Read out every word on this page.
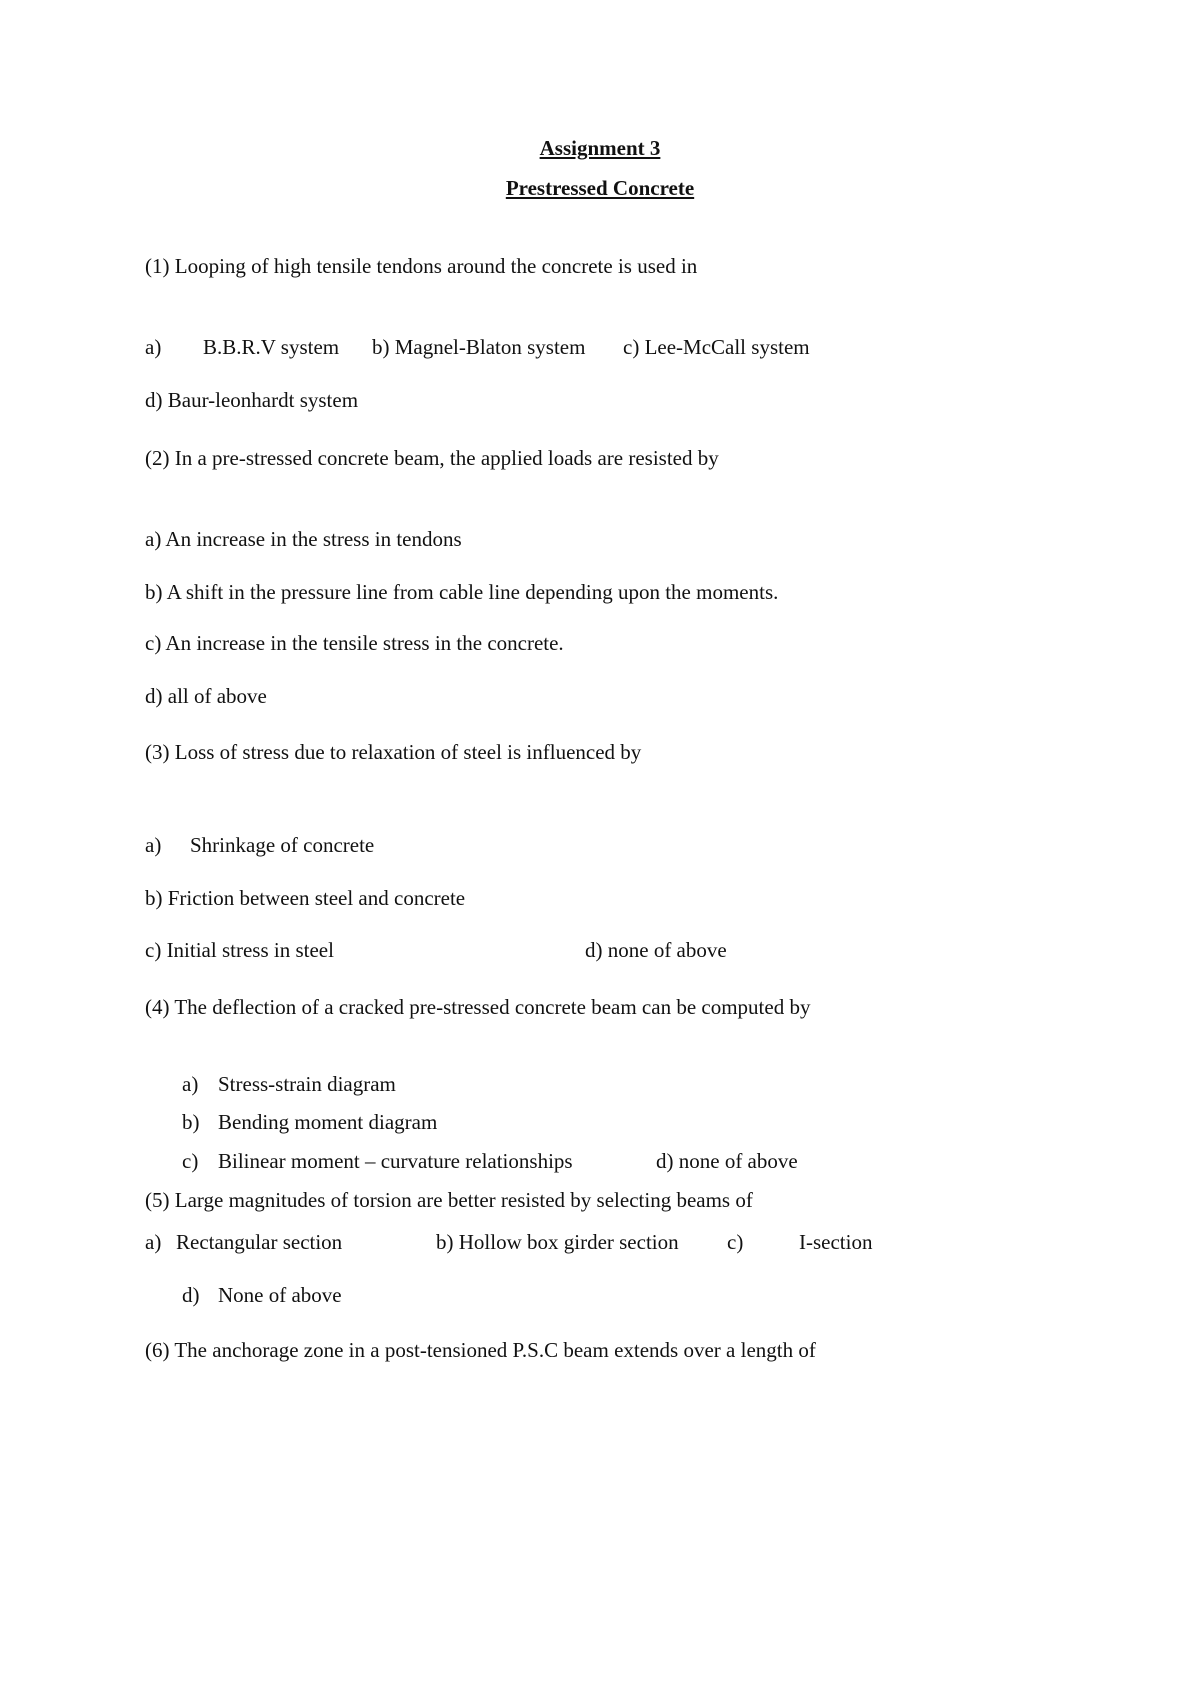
Assignment 3
Prestressed Concrete
(1) Looping of high tensile tendons around the concrete is used in
a) B.B.R.V system b) Magnel-Blaton system c) Lee-McCall system
d) Baur-leonhardt system
(2) In a pre-stressed concrete beam, the applied loads are resisted by
a) An increase in the stress in tendons
b) A shift in the pressure line from cable line depending upon the moments.
c) An increase in the tensile stress in the concrete.
d) all of above
(3) Loss of stress due to relaxation of steel is influenced by
a) Shrinkage of concrete
b) Friction between steel and concrete
c) Initial stress in steel	d) none of above
(4) The deflection of a cracked pre-stressed concrete beam can be computed by
a) Stress-strain diagram
b) Bending moment diagram
c) Bilinear moment – curvature relationships	d) none of above
(5) Large magnitudes of torsion are better resisted by selecting beams of
a) Rectangular section	b) Hollow box girder section c)	I-section
d) None of above
(6) The anchorage zone in a post-tensioned P.S.C beam extends over a length of
